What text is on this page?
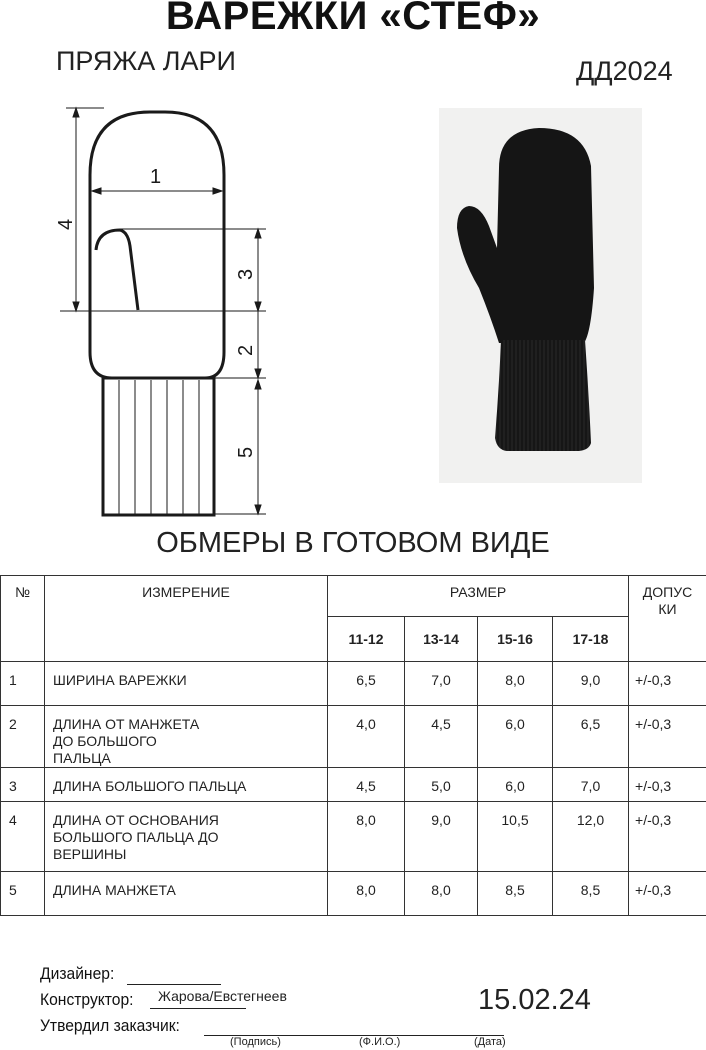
ВАРЕЖКИ «СТЕФ»
ПРЯЖА ЛАРИ	ДД2024
1
4
3
2
5
ОБМЕРЫ В ГОТОВОМ ВИДЕ
№	ИЗМЕРЕНИЕ	РАЗМЕР				ДОПУС КИ
		11-12	13-14	15-16	17-18	
1	ШИРИНА ВАРЕЖКИ	6,5	7,0	8,0	9,0	+/-0,3
2	ДЛИНА ОТ МАНЖЕТА ДО БОЛЬШОГО ПАЛЬЦА	4,0	4,5	6,0	6,5	+/-0,3
3	ДЛИНА БОЛЬШОГО ПАЛЬЦА	4,5	5,0	6,0	7,0	+/-0,3
4	ДЛИНА ОТ ОСНОВАНИЯ БОЛЬШОГО ПАЛЬЦА ДО ВЕРШИНЫ	8,0	9,0	10,5	12,0	+/-0,3
5	ДЛИНА МАНЖЕТА	8,0	8,0	8,5	8,5	+/-0,3
Дизайнер:
Конструктор: Жарова/Евстегнеев
Утвердил заказчик:
(Подпись)	(Ф.И.О.)	(Дата)
15.02.24
